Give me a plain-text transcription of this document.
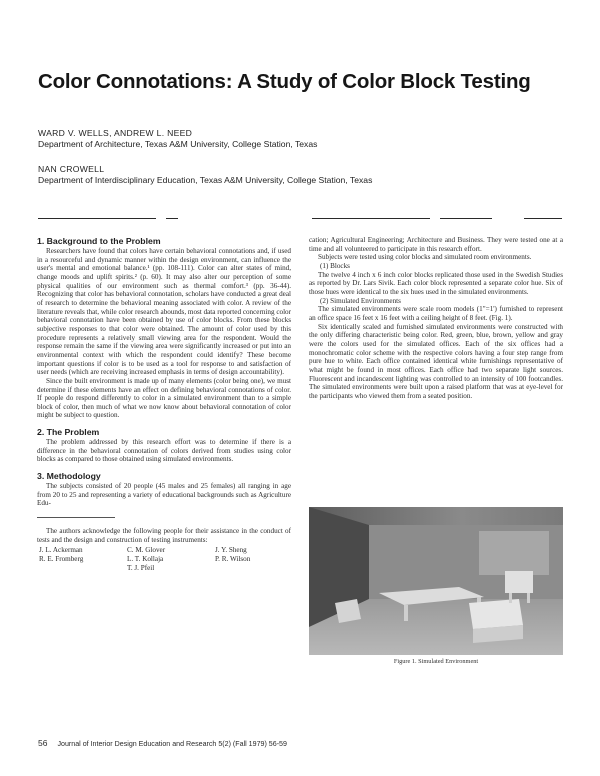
Color Connotations: A Study of Color Block Testing
WARD V. WELLS, ANDREW L. NEED
Department of Architecture, Texas A&M University, College Station, Texas
NAN CROWELL
Department of Interdisciplinary Education, Texas A&M University, College Station, Texas
1. Background to the Problem

Researchers have found that colors have certain behavioral connotations and, if used in a resourceful and dynamic manner within the design environment, can influence the user's mental and emotional balance.¹ (pp. 108-111). Color can alter states of mind, change moods and uplift spirits.² (p. 60). It may also alter our perception of some physical qualities of our environment such as thermal comfort.³ (pp. 36-44). Recognizing that color has behavioral connotation, scholars have conducted a great deal of research to determine the behavioral meaning associated with color. A review of the literature reveals that, while color research abounds, most data reported concerning color behavioral connotation have been obtained by use of color blocks. From these blocks subjective responses to that color were obtained. The amount of color used by this procedure represents a relatively small viewing area for the respondent. Would the response remain the same if the viewing area were significantly increased or put into an environmental context with which the respondent could identify? These become important questions if color is to be used as a tool for response to and satisfaction of user needs (which are receiving increased emphasis in terms of design accountability).

Since the built environment is made up of many elements (color being one), we must determine if these elements have an effect on defining behavioral connotations of color. If people do respond differently to color in a simulated environment than to a simple block of color, then much of what we now know about behavioral connotation of color might be subject to question.

2. The Problem

The problem addressed by this research effort was to determine if there is a difference in the behavioral connotation of colors derived from studies using color blocks as compared to those obtained using simulated environments.

3. Methodology

The subjects consisted of 20 people (45 males and 25 females) all ranging in age from 20 to 25 and representing a variety of educational backgrounds such as Agriculture Edu-

The authors acknowledge the following people for their assistance in the conduct of tests and the design and construction of testing instruments:

J. L. Ackerman	C. M. Glover	J. Y. Sheng
R. E. Fromberg	L. T. Kollaja	P. R. Wilson
T. J. Pfeil

cation; Agricultural Engineering; Architecture and Business. They were tested one at a time and all volunteered to participate in this research effort.

Subjects were tested using color blocks and simulated room environments.

(1) Blocks

The twelve 4 inch x 6 inch color blocks replicated those used in the Swedish Studies as reported by Dr. Lars Sivik. Each color block represented a separate color hue. Six of those hues were identical to the six hues used in the simulated environments.

(2) Simulated Environments

The simulated environments were scale room models (1"=1') furnished to represent an office space 16 feet x 16 feet with a ceiling height of 8 feet. (Fig. 1).

Six identically scaled and furnished simulated environments were constructed with the only differing characteristic being color. Red, green, blue, brown, yellow and gray were the colors used for the simulated offices. Each of the six offices had a monochromatic color scheme with the respective colors having a four step range from pure hue to white. Each office contained identical white furnishings representative of what might be found in most offices. Each office had two separate light sources. Fluorescent and incandescent lighting was controlled to an intensity of 100 footcandles. The simulated environments were built upon a raised platform that was at eye-level for the participants who viewed them from a seated position.

Figure 1. Simulated Environment
56 Journal of Interior Design Education and Research 5(2) (Fall 1979) 56-59
